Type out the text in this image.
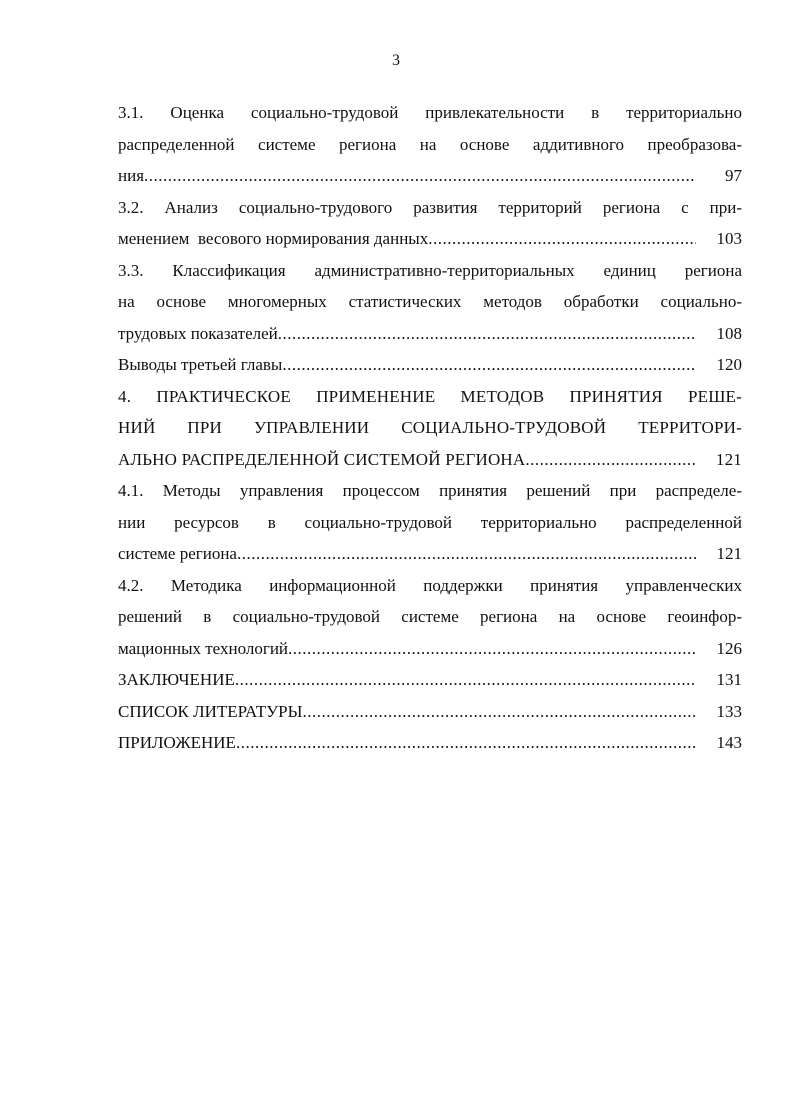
3
3.1. Оценка социально-трудовой привлекательности в территориально
распределенной системе региона на основе аддитивного преобразова-
ния .....	97
3.2. Анализ социально-трудового развития территорий региона с при-
менением  весового нормирования данных .....	103
3.3. Классификация административно-территориальных единиц региона
на основе многомерных статистических методов обработки социально-
трудовых показателей .....	108
Выводы третьей главы .....	120
4. ПРАКТИЧЕСКОЕ ПРИМЕНЕНИЕ МЕТОДОВ ПРИНЯТИЯ РЕШЕ-
НИЙ ПРИ УПРАВЛЕНИИ СОЦИАЛЬНО-ТРУДОВОЙ ТЕРРИТОРИ-
АЛЬНО РАСПРЕДЕЛЕННОЙ СИСТЕМОЙ РЕГИОНА .....	121
4.1. Методы управления процессом принятия решений при распределе-
нии ресурсов в социально-трудовой территориально распределенной
системе региона .....	121
4.2. Методика информационной поддержки принятия управленческих
решений в социально-трудовой системе региона на основе геоинфор-
мационных технологий .....	126
ЗАКЛЮЧЕНИЕ .....	131
СПИСОК ЛИТЕРАТУРЫ .....	133
ПРИЛОЖЕНИЕ .....	143
